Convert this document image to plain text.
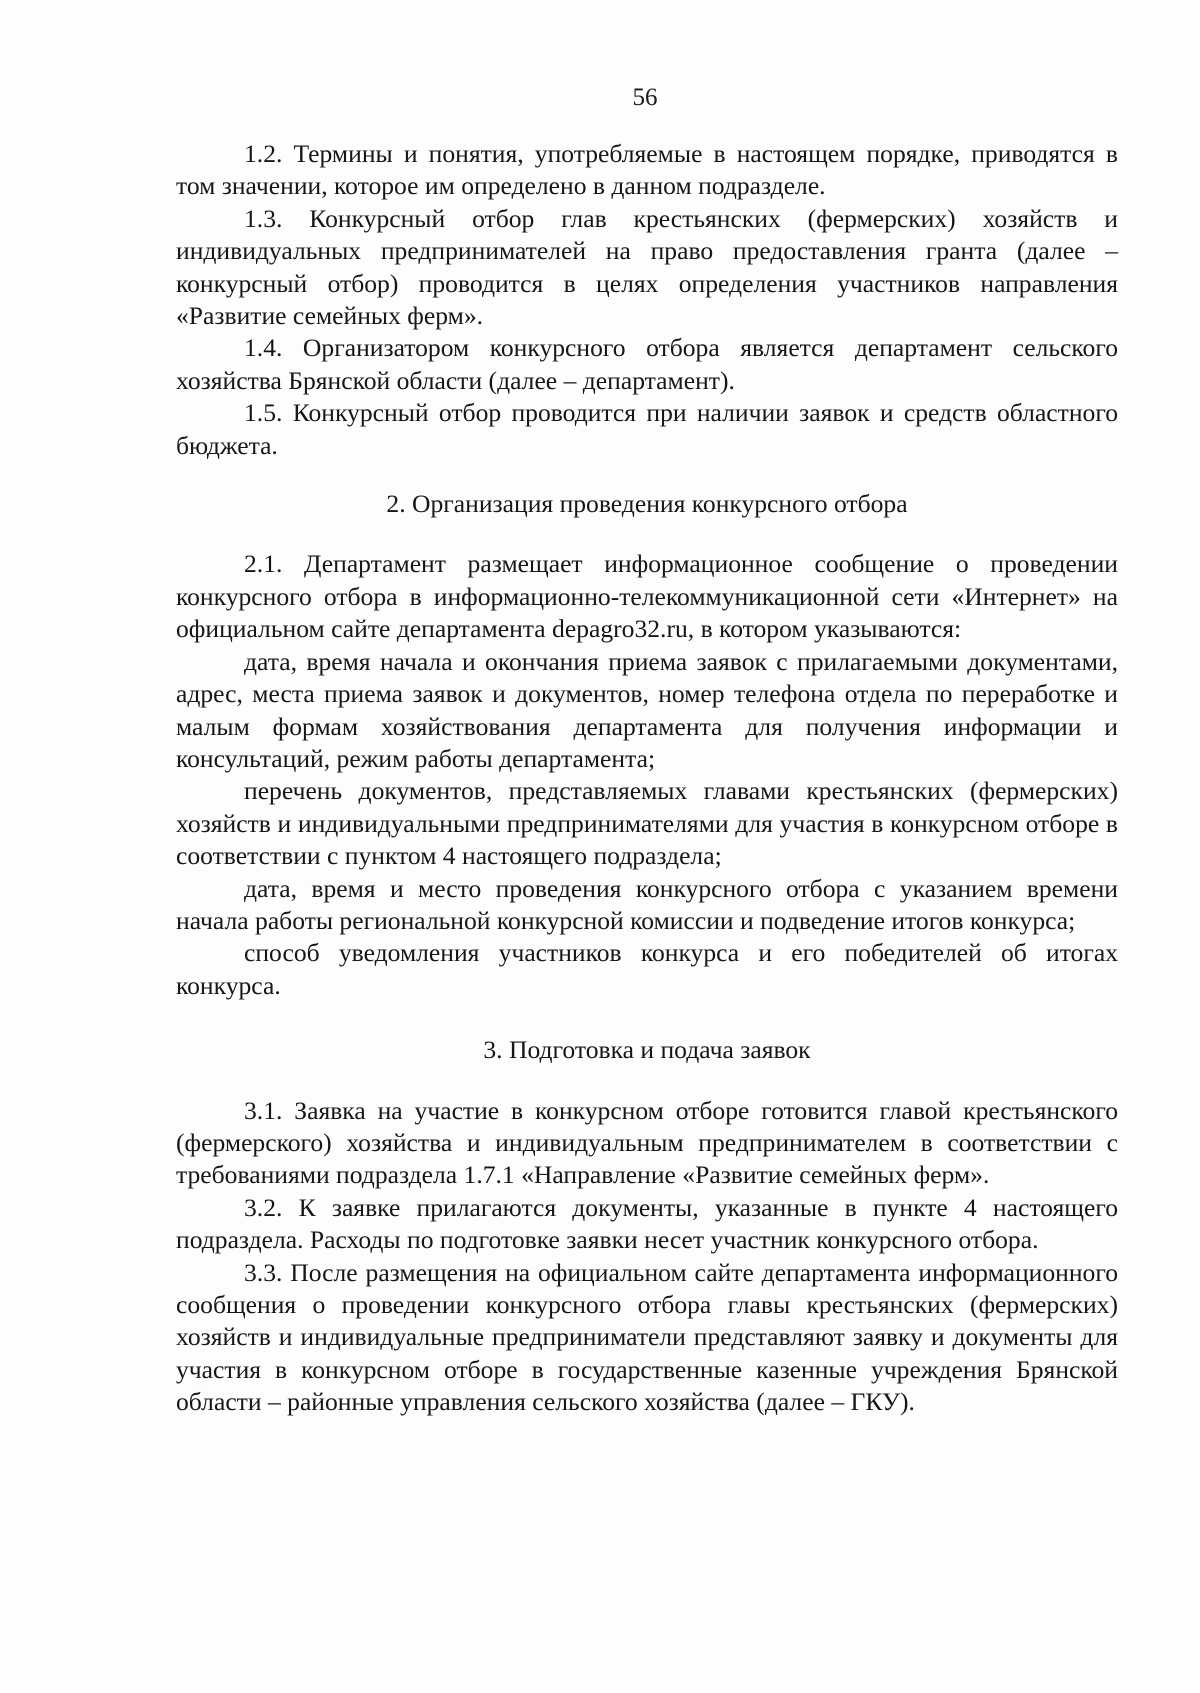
56

1.2. Термины и понятия, употребляемые в настоящем порядке, приводятся в том значении, которое им определено в данном подразделе.

1.3. Конкурсный отбор глав крестьянских (фермерских) хозяйств и индивидуальных предпринимателей на право предоставления гранта (далее – конкурсный отбор) проводится в целях определения участников направления «Развитие семейных ферм».

1.4. Организатором конкурсного отбора является департамент сельского хозяйства Брянской области (далее – департамент).

1.5. Конкурсный отбор проводится при наличии заявок и средств областного бюджета.

2. Организация проведения конкурсного отбора

2.1. Департамент размещает информационное сообщение о проведении конкурсного отбора в информационно-телекоммуникационной сети «Интернет» на официальном сайте департамента depagro32.ru, в котором указываются:

дата, время начала и окончания приема заявок с прилагаемыми документами, адрес, места приема заявок и документов, номер телефона отдела по переработке и малым формам хозяйствования департамента для получения информации и консультаций, режим работы департамента;

перечень документов, представляемых главами крестьянских (фермерских) хозяйств и индивидуальными предпринимателями для участия в конкурсном отборе в соответствии с пунктом 4 настоящего подраздела;

дата, время и место проведения конкурсного отбора с указанием времени начала работы региональной конкурсной комиссии и подведение итогов конкурса;

способ уведомления участников конкурса и его победителей об итогах конкурса.

3. Подготовка и подача заявок

3.1. Заявка на участие в конкурсном отборе готовится главой крестьянского (фермерского) хозяйства и индивидуальным предпринимателем в соответствии с требованиями подраздела 1.7.1 «Направление «Развитие семейных ферм».

3.2. К заявке прилагаются документы, указанные в пункте 4 настоящего подраздела. Расходы по подготовке заявки несет участник конкурсного отбора.

3.3. После размещения на официальном сайте департамента информационного сообщения о проведении конкурсного отбора главы крестьянских (фермерских) хозяйств и индивидуальные предприниматели представляют заявку и документы для участия в конкурсном отборе в государственные казенные учреждения Брянской области – районные управления сельского хозяйства (далее – ГКУ).
